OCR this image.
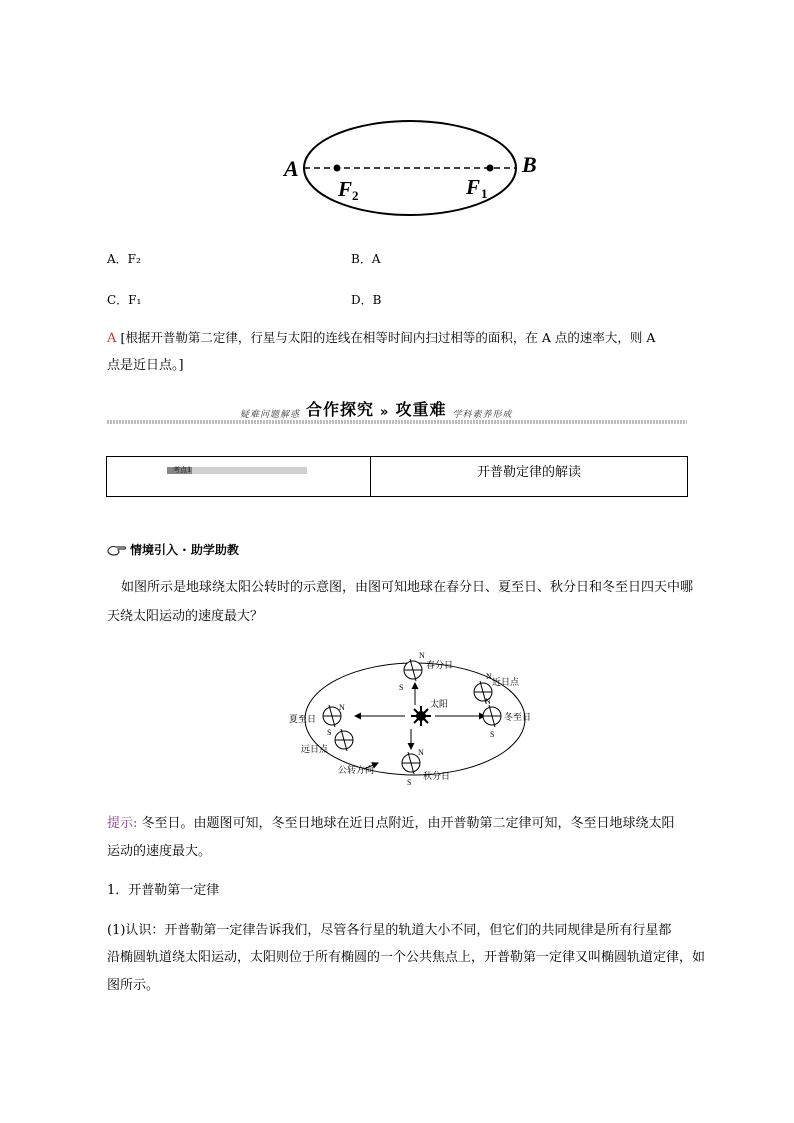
A	B
F 2	F 1
A．F₂	B．A
C．F₁	D．B
A [根据开普勒第二定律，行星与太阳的连线在相等时间内扫过相等的面积，在 A 点的速率大，则 A
点是近日点。]
疑难问题解惑 合作探究 » 攻重难 学科素养形成
考点1	开普勒定律的解读
情境引入 · 助学助教
如图所示是地球绕太阳公转时的示意图，由图可知地球在春分日、夏至日、秋分日和冬至日四天中哪
天绕太阳运动的速度最大？
N
S
N
N
S
N
S
N
S
春分日
近日点
太阳
夏至日	冬至日
远日点
公转方向
秋分日
提示: 冬至日。由题图可知，冬至日地球在近日点附近，由开普勒第二定律可知，冬至日地球绕太阳
运动的速度最大。
1．开普勒第一定律
(1)认识：开普勒第一定律告诉我们，尽管各行星的轨道大小不同，但它们的共同规律是所有行星都
沿椭圆轨道绕太阳运动，太阳则位于所有椭圆的一个公共焦点上，开普勒第一定律又叫椭圆轨道定律，如
图所示。
